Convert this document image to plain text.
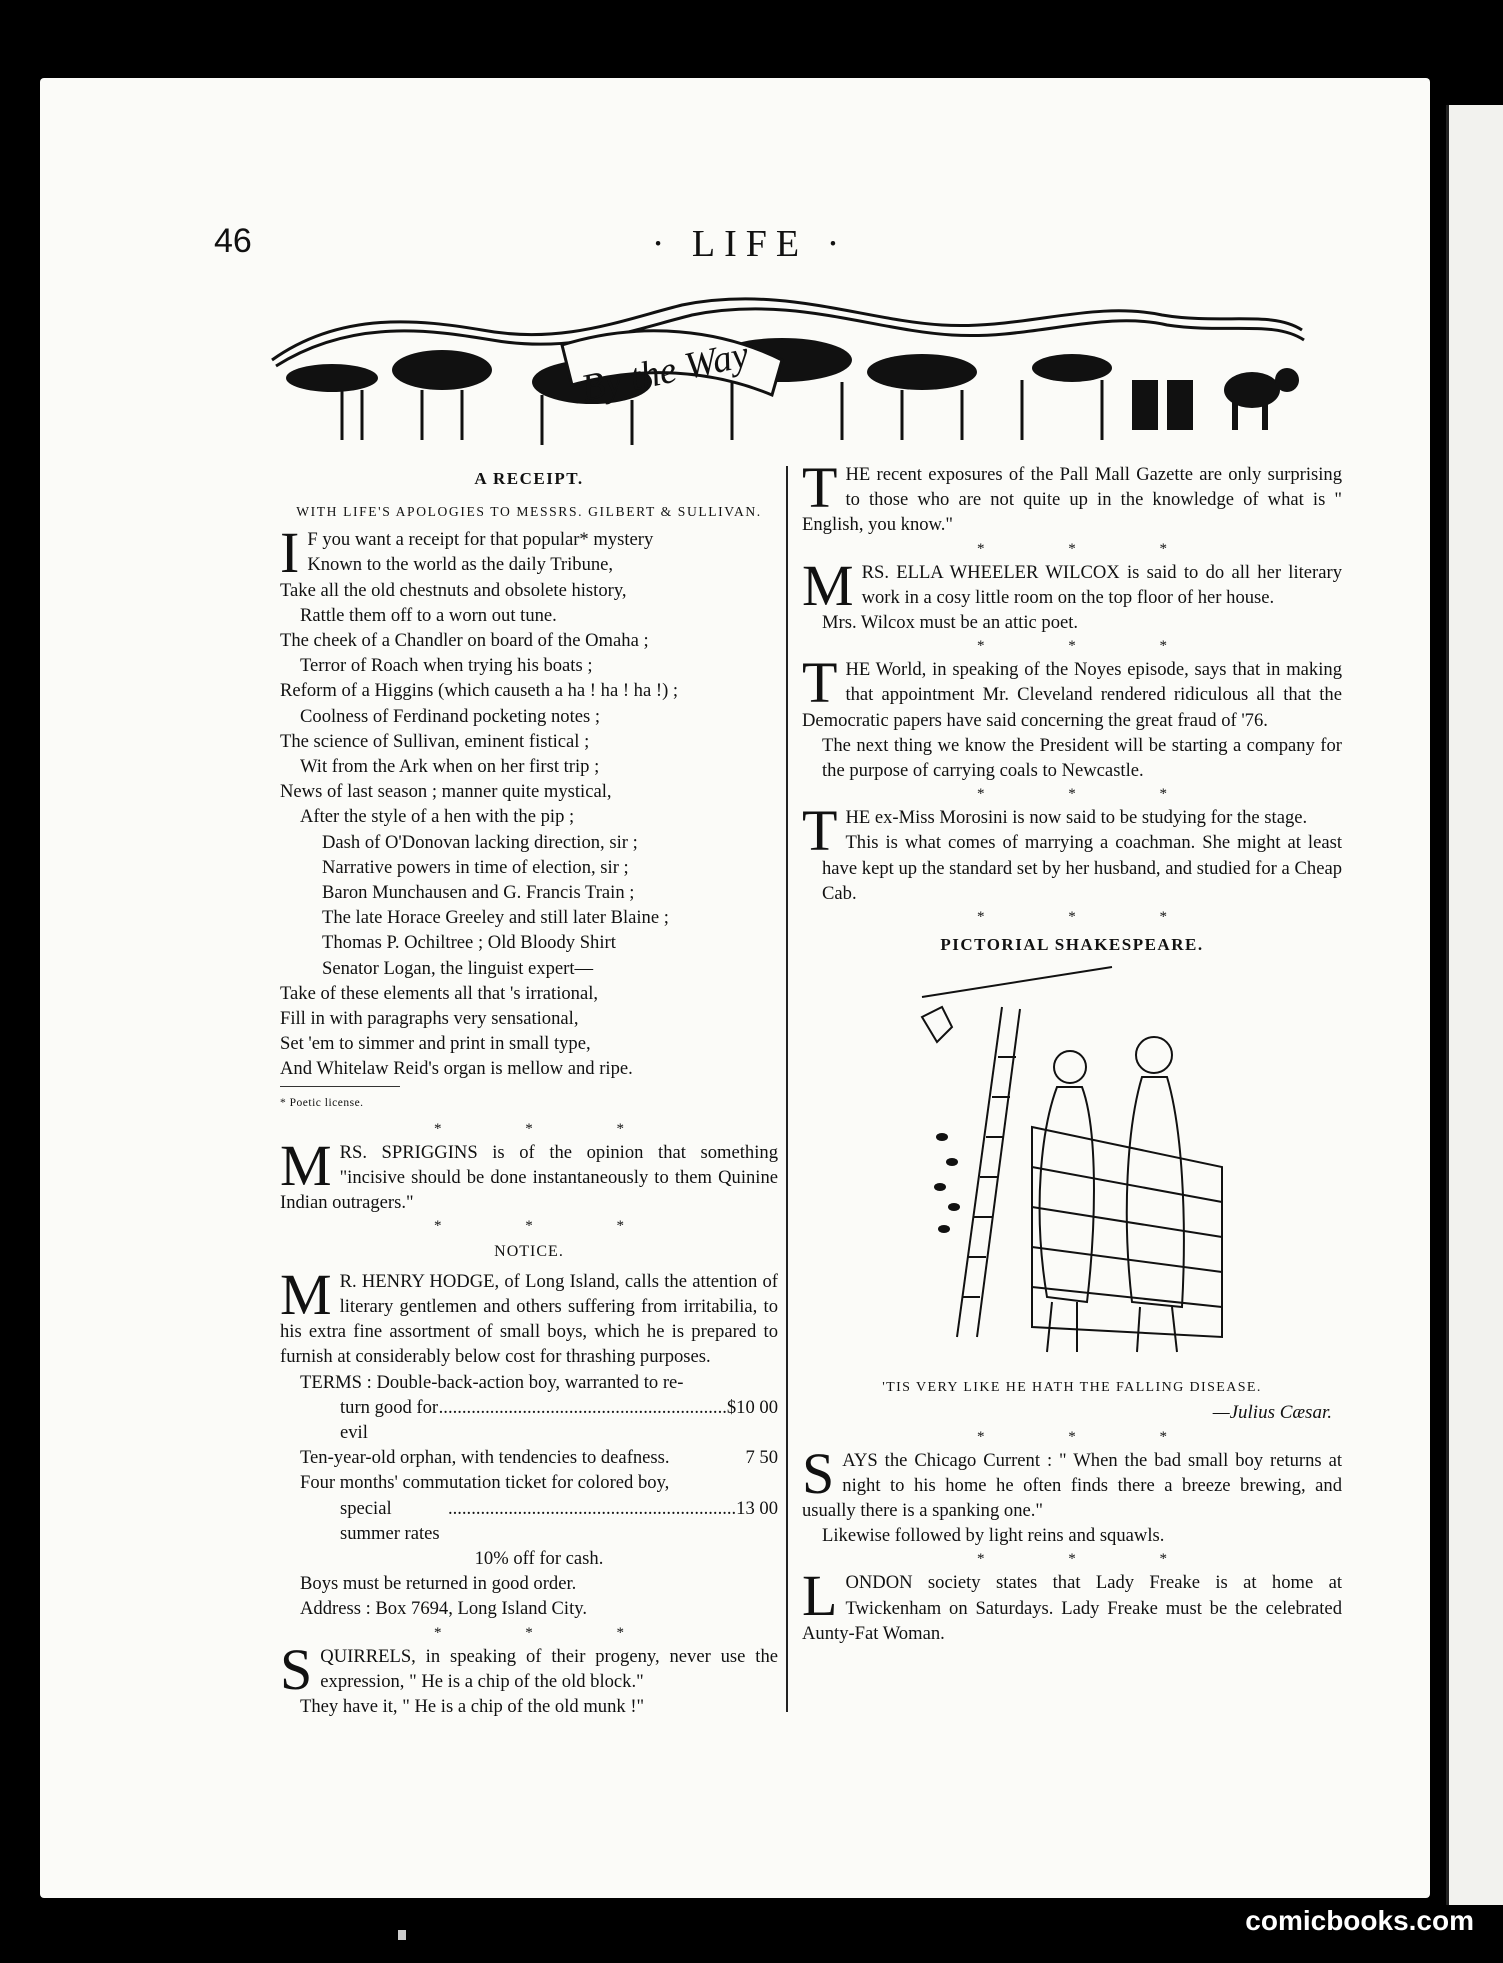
46	· LIFE ·
By the Way
A RECEIPT.
WITH LIFE'S APOLOGIES TO MESSRS. GILBERT & SULLIVAN.
I F you want a receipt for that popular* mystery

Known to the world as the daily Tribune,

Take all the old chestnuts and obsolete history,

Rattle them off to a worn out tune.

The cheek of a Chandler on board of the Omaha ;

Terror of Roach when trying his boats ;

Reform of a Higgins (which causeth a ha ! ha ! ha !) ;

Coolness of Ferdinand pocketing notes ;

The science of Sullivan, eminent fistical ;

Wit from the Ark when on her first trip ;

News of last season ; manner quite mystical,

After the style of a hen with the pip ;

Dash of O'Donovan lacking direction, sir ;

Narrative powers in time of election, sir ;

Baron Munchausen and G. Francis Train ;

The late Horace Greeley and still later Blaine ;

Thomas P. Ochiltree ; Old Bloody Shirt

Senator Logan, the linguist expert—

Take of these elements all that 's irrational,

Fill in with paragraphs very sensational,

Set 'em to simmer and print in small type,

And Whitelaw Reid's organ is mellow and ripe.

* Poetic license.
* * *
M RS. SPRIGGINS is of the opinion that something "incisive should be done instantaneously to them Quinine Indian outragers."
* * *
NOTICE.
M R. HENRY HODGE, of Long Island, calls the attention of literary gentlemen and others suffering from irritabilia, to his extra fine assortment of small boys, which he is prepared to furnish at considerably below cost for thrashing purposes.

TERMS : Double-back-action boy, warranted to re-

turn good for evil
.............................................................. $10 00
Ten-year-old orphan, with tendencies to deafness.	7 50

Four months' commutation ticket for colored boy,

special summer rates
.............................................................. 13 00

10% off for cash.

Boys must be returned in good order.

Address : Box 7694, Long Island City.

* * *
S QUIRRELS, in speaking of their progeny, never use the expression, " He is a chip of the old block."

They have it, " He is a chip of the old munk !"

T HE recent exposures of the Pall Mall Gazette are only surprising to those who are not quite up in the knowledge of what is " English, you know."
* * *
M RS. ELLA WHEELER WILCOX is said to do all her literary work in a cosy little room on the top floor of her house.

Mrs. Wilcox must be an attic poet.

* * *
T HE World, in speaking of the Noyes episode, says that in making that appointment Mr. Cleveland rendered ridiculous all that the Democratic papers have said concerning the great fraud of '76.

The next thing we know the President will be starting a company for the purpose of carrying coals to Newcastle.

* * *
T HE ex-Miss Morosini is now said to be studying for the stage.

This is what comes of marrying a coachman. She might at least have kept up the standard set by her husband, and studied for a Cheap Cab.

* * *
PICTORIAL SHAKESPEARE.
'TIS VERY LIKE HE HATH THE FALLING DISEASE.
—Julius Cæsar.
* * *
S AYS the Chicago Current : " When the bad small boy returns at night to his home he often finds there a breeze brewing, and usually there is a spanking one."

Likewise followed by light reins and squawls.

* * *
L ONDON society states that Lady Freake is at home at Twickenham on Saturdays. Lady Freake must be the celebrated Aunty-Fat Woman.
comicbooks.com
